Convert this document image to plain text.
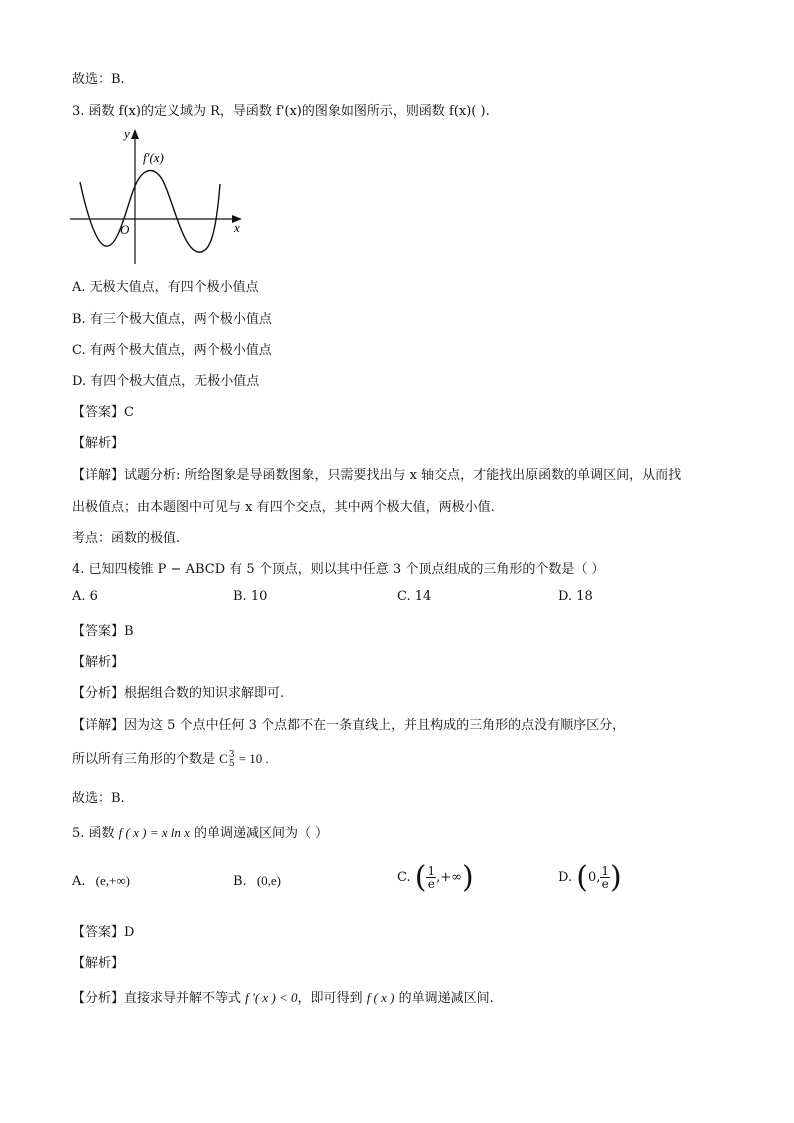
故选：B.
3. 函数 f(x)的定义域为 R，导函数 f'(x)的图象如图所示，则函数 f(x)( ).
y
x
O
f′(x)
A. 无极大值点，有四个极小值点
B. 有三个极大值点，两个极小值点
C. 有两个极大值点，两个极小值点
D. 有四个极大值点，无极小值点
【答案】C
【解析】
【详解】试题分析: 所给图象是导函数图象，只需要找出与 x 轴交点，才能找出原函数的单调区间，从而找
出极值点；由本题图中可见与 x 有四个交点，其中两个极大值，两极小值.
考点：函数的极值.
4. 已知四棱锥 P − ABCD 有 5 个顶点，则以其中任意 3 个顶点组成的三角形的个数是（ ）
A. 6	B. 10	C. 14	D. 18
【答案】B
【解析】
【分析】根据组合数的知识求解即可.
【详解】因为这 5 个点中任何 3 个点都不在一条直线上，并且构成的三角形的点没有顺序区分，
所以所有三角形的个数是 C 3
5 = 10 .
故选：B.
5. 函数 f ( x ) = x ln x 的单调递减区间为（ ）
A. (e,+∞)	B. (0,e)	C. ( $\frac{1}{e}$ ,+∞)	D. (0, $\frac{1}{e}$ )
【答案】D
【解析】
【分析】直接求导并解不等式 f ′( x ) < 0，即可得到 f ( x ) 的单调递减区间.
